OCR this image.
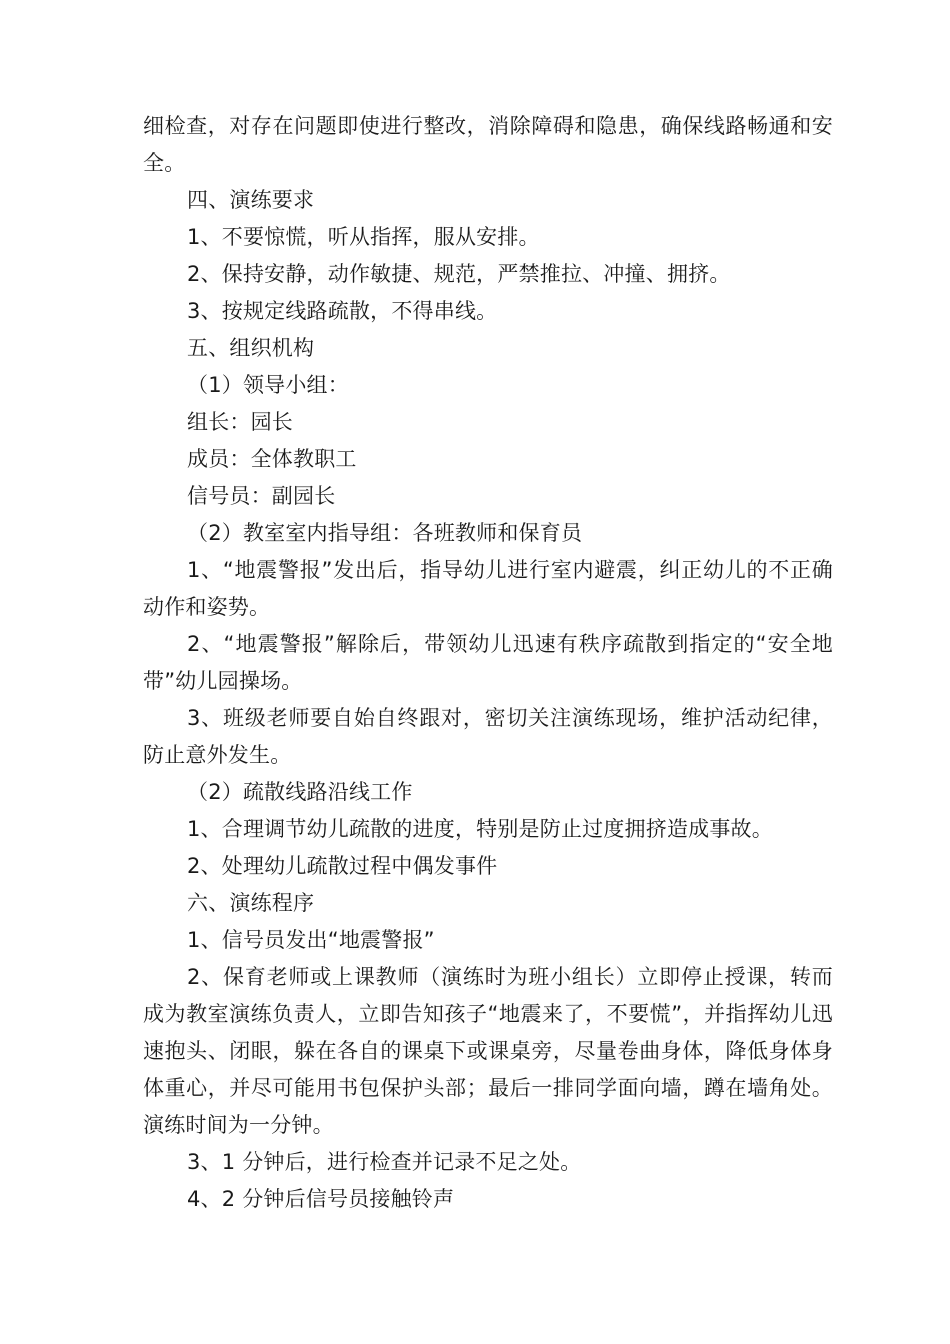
细检查，对存在问题即使进行整改，消除障碍和隐患，确保线路畅通和安全。

四、演练要求

1、不要惊慌，听从指挥，服从安排。

2、保持安静，动作敏捷、规范，严禁推拉、冲撞、拥挤。

3、按规定线路疏散，不得串线。

五、组织机构

（1）领导小组：

组长：园长

成员：全体教职工

信号员：副园长

（2）教室室内指导组：各班教师和保育员

1、“地震警报”发出后，指导幼儿进行室内避震，纠正幼儿的不正确动作和姿势。

2、“地震警报”解除后，带领幼儿迅速有秩序疏散到指定的“安全地带”幼儿园操场。

3、班级老师要自始自终跟对，密切关注演练现场，维护活动纪律，防止意外发生。

（2）疏散线路沿线工作

1、合理调节幼儿疏散的进度，特别是防止过度拥挤造成事故。

2、处理幼儿疏散过程中偶发事件

六、演练程序

1、信号员发出“地震警报”

2、保育老师或上课教师（演练时为班小组长）立即停止授课，转而成为教室演练负责人，立即告知孩子“地震来了，不要慌”，并指挥幼儿迅速抱头、闭眼，躲在各自的课桌下或课桌旁，尽量卷曲身体，降低身体身体重心，并尽可能用书包保护头部；最后一排同学面向墙，蹲在墙角处。演练时间为一分钟。

3、1 分钟后，进行检查并记录不足之处。

4、2 分钟后信号员接触铃声
